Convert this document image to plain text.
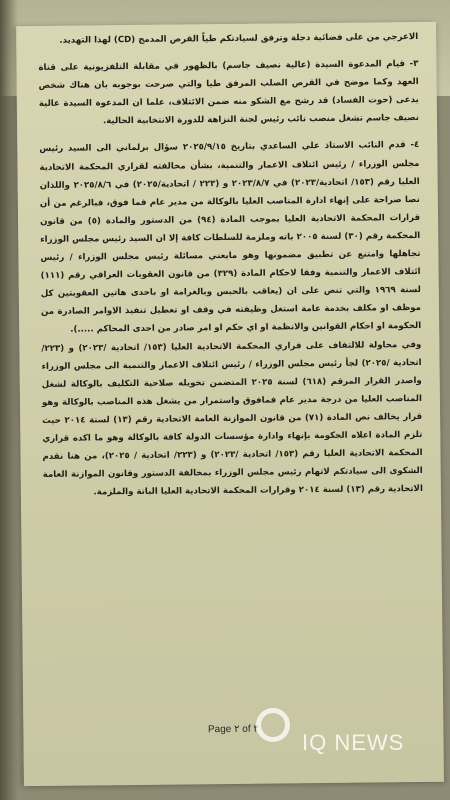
الاعرجي من على فضائية دجلة وترفق لسيادتكم طياً القرص المدمج (CD) لهذا التهديد.

٣- قيام المدعوة السيدة (عالية نصيف جاسم) بالظهور في مقابلة التلفزيونية على قناة العهد وكما موضح في القرص الصلب المرفق طيا والتي صرحت بوجوبه بان هناك شخص يدعى (حوت الفساد) قد رشح مع الشكو منه ضمن الائتلاف، علما ان المدعوة السيدة عالية نصيف جاسم تشغل منصب نائب رئيس لجنة النزاهة للدورة الانتخابية الحالية.

٤- قدم النائب الاستاذ علي الساعدي بتاريخ ٢٠٢٥/٩/١٥ سؤال برلماني الى السيد رئيس مجلس الوزراء / رئيس ائتلاف الاعمار والتنمية، بشأن مخالفته لقراري المحكمة الاتحادية العليا رقم (١٥٣/ اتحادية/٢٠٢٣) في ٢٠٢٣/٨/٧ و (٢٢٣ / اتحادية/٢٠٢٥) في ٢٠٢٥/٨/٦ واللذان نصا صراحة على إنهاء ادارة المناصب العليا بالوكالة من مدير عام فما فوق، فبالرغم من أن قرارات المحكمة الاتحادية العليا بموجب المادة (٩٤) من الدستور والمادة (٥) من قانون المحكمة رقم (٣٠) لسنة ٢٠٠٥ باته وملزمة للسلطات كافة إلا ان السيد رئيس مجلس الوزراء تجاهلها وامتنع عن تطبيق مضمونها وهو مايعني مسائلة رئيس مجلس الوزراء / رئيس ائتلاف الاعمار والتنمية وفقا لاحكام المادة (٣٢٩) من قانون العقوبات العراقي رقم (١١١) لسنة ١٩٦٩ والتي تنص على ان (يعاقب بالحبس وبالغرامة او باحدى هاتين العقوبتين كل موظف او مكلف بخدمة عامة استغل وظيفته في وقف او تعطيل تنفيذ الاوامر الصادرة من الحكومة او احكام القوانين والانظمة او اي حكم او امر صادر من احدى المحاكم .....).

وفي محاولة للالتفاف على قراري المحكمة الاتحادية العليا (١٥٣/ اتحادية /٢٠٢٣) و (٢٢٣/ اتحادية /٢٠٢٥) لجأ رئيس مجلس الوزراء / رئيس ائتلاف الاعمار والتنمية الى مجلس الوزراء واصدر القرار المرقم (٦١٨) لسنة ٢٠٢٥ المتضمن تخويله صلاحية التكليف بالوكالة لشغل المناصب العليا من درجة مدير عام فمافوق واستمرار من يشغل هذه المناصب بالوكالة وهو قرار يخالف نص المادة (٧١) من قانون الموازنة العامة الاتحادية رقم (١٣) لسنة ٢٠١٤ حيث تلزم المادة اعلاه الحكومة بإنهاء وادارة مؤسسات الدولة كافة بالوكالة وهو ما اكده قراري المحكمة الاتحادية العليا رقم (١٥٣/ اتحادية /٢٠٢٣) و (٢٢٣/ اتحادية / ٢٠٢٥)، من هنا نقدم الشكوى الى سيادتكم لاتهام رئيس مجلس الوزراء بمخالفة الدستور وقانون الموازنة العامة الاتحادية رقم (١٣) لسنة ٢٠١٤ وقرارات المحكمة الاتحادية العليا الباتة والملزمة.

Page ٢ of ٣
IQ NEWS
